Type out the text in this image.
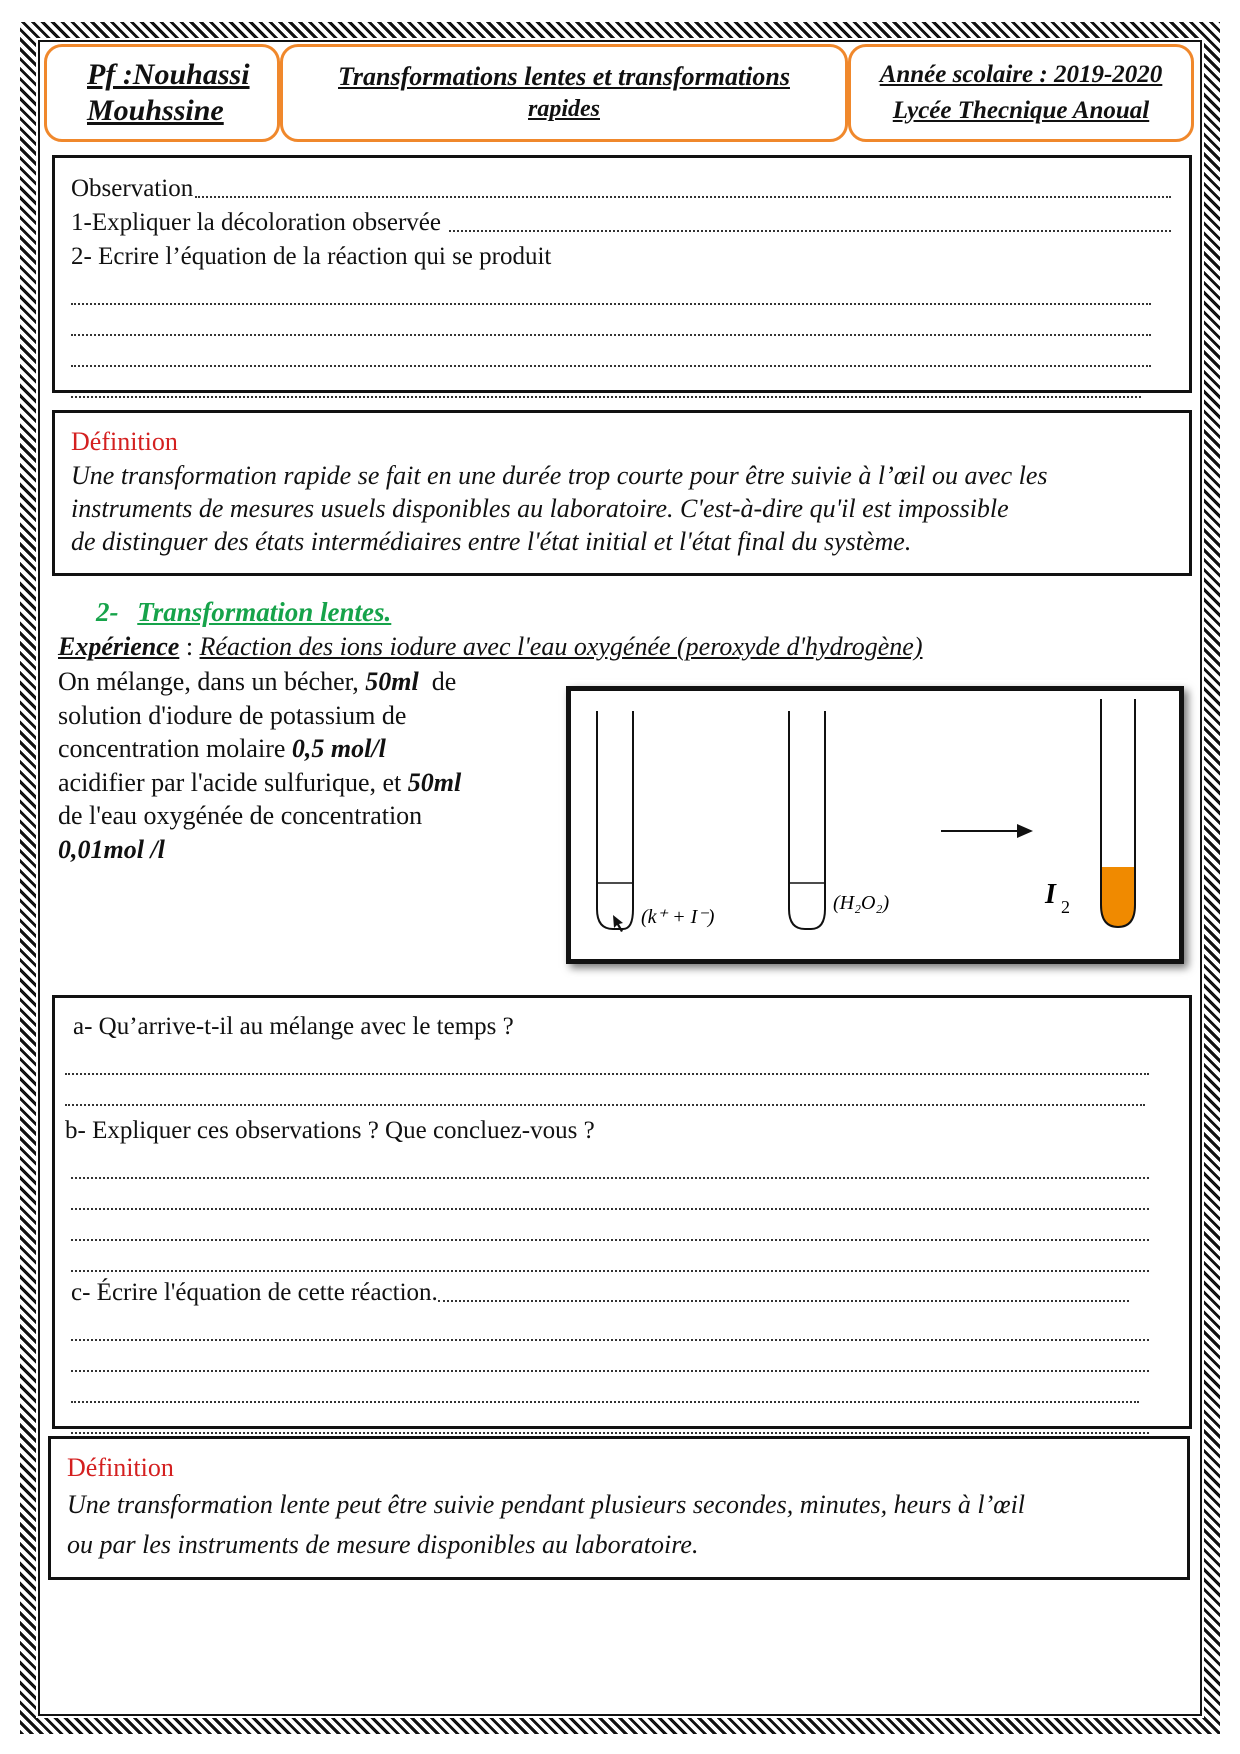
Pf :Nouhassi
Mouhssine
Transformations lentes et transformations
rapides
Année scolaire : 2019-2020
Lycée Thecnique Anoual
Observation
1-Expliquer la décoloration observée
2- Ecrire l’équation de la réaction qui se produit
Définition
Une transformation rapide se fait en une durée trop courte pour être suivie à l’œil ou avec les
instruments de mesures usuels disponibles au laboratoire. C'est-à-dire qu'il est impossible
de distinguer des états intermédiaires entre l'état initial et l'état final du système.
2- Transformation lentes.
Expérience : Réaction des ions iodure avec l'eau oxygénée (peroxyde d'hydrogène)
On mélange, dans un bécher, 50ml  de
solution d'iodure de potassium de
concentration molaire 0,5 mol/l
acidifier par l'acide sulfurique, et 50ml
de l'eau oxygénée de concentration
0,01mol /l
(k⁺ + I⁻)
(H₂O₂)	I 2
a- Qu’arrive-t-il au mélange avec le temps ?
b- Expliquer ces observations ? Que concluez-vous ?
c- Écrire l'équation de cette réaction.
Définition
Une transformation lente peut être suivie pendant plusieurs secondes, minutes, heurs à l’œil
ou par les instruments de mesure disponibles au laboratoire.
